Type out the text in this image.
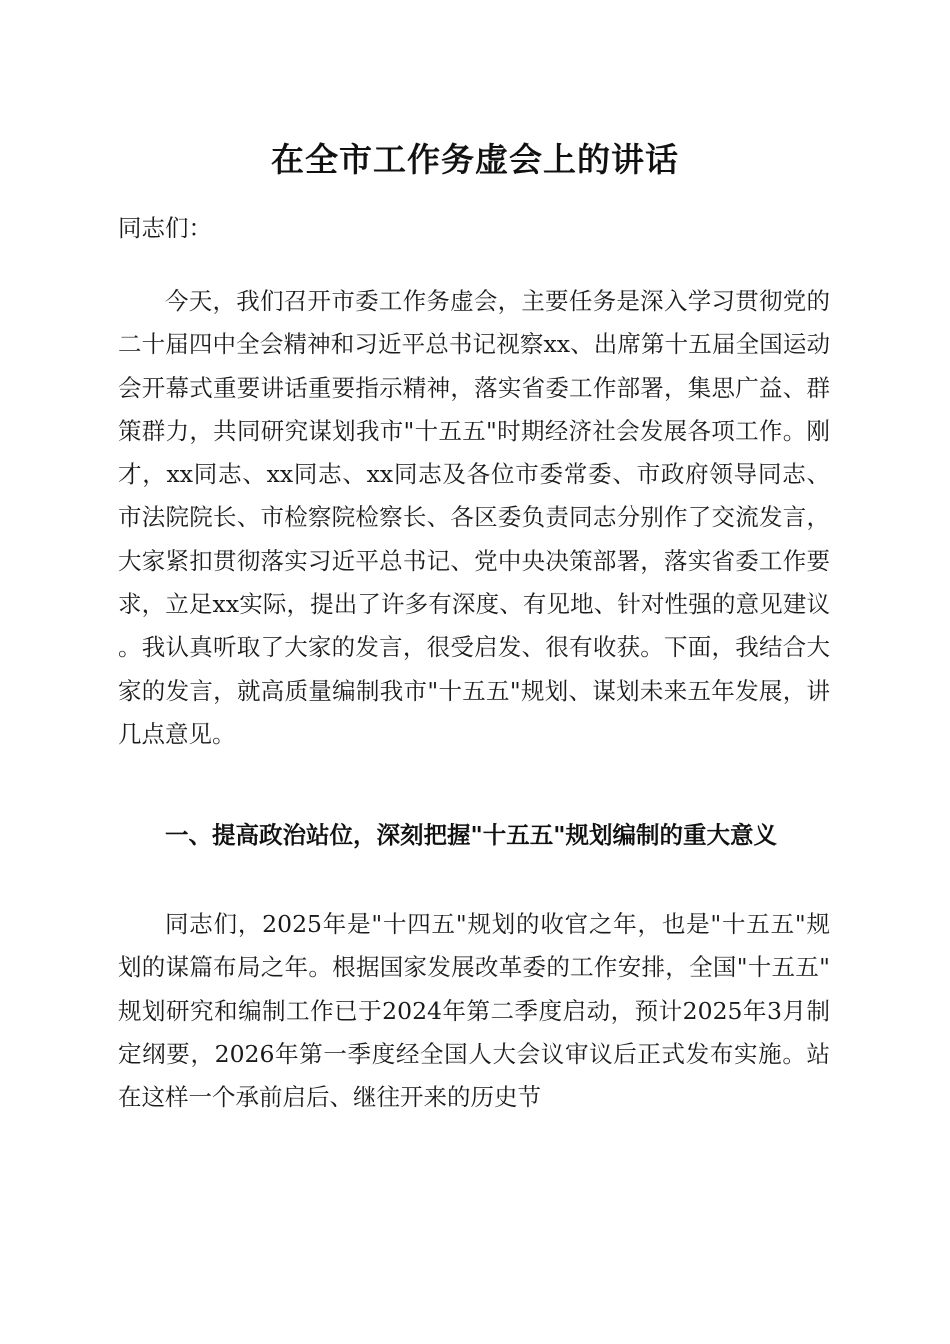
在全市工作务虚会上的讲话

同志们：

今天，我们召开市委工作务虚会，主要任务是深入学习贯彻党的二十届四中全会精神和习近平总书记视察xx、出席第十五届全国运动会开幕式重要讲话重要指示精神，落实省委工作部署，集思广益、群策群力，共同研究谋划我市"十五五"时期经济社会发展各项工作。刚才，xx同志、xx同志、xx同志及各位市委常委、市政府领导同志、市法院院长、市检察院检察长、各区委负责同志分别作了交流发言，大家紧扣贯彻落实习近平总书记、党中央决策部署，落实省委工作要求，立足xx实际，提出了许多有深度、有见地、针对性强的意见建议。我认真听取了大家的发言，很受启发、很有收获。下面，我结合大家的发言，就高质量编制我市"十五五"规划、谋划未来五年发展，讲几点意见。

一、提高政治站位，深刻把握"十五五"规划编制的重大意义

同志们，2025年是"十四五"规划的收官之年，也是"十五五"规划的谋篇布局之年。根据国家发展改革委的工作安排，全国"十五五"规划研究和编制工作已于2024年第二季度启动，预计2025年3月制定纲要，2026年第一季度经全国人大会议审议后正式发布实施。站在这样一个承前启后、继往开来的历史节
